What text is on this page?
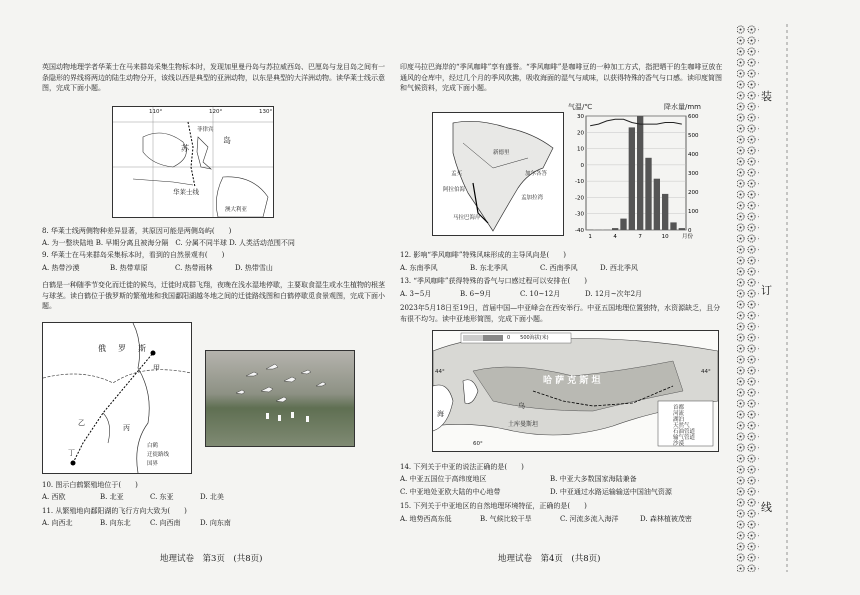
英国动物地理学者华莱士在马来群岛采集生物标本时，发现加里曼丹岛与苏拉威西岛、巴厘岛与龙目岛之间有一条隐形的界线将两边的陆生动物分开，该线以西是典型的亚洲动物，以东是典型的大洋洲动物。读华莱士线示意图，完成下面小题。
110°	120°	130°
岛
苏
华莱士线
澳大利亚
菲律宾
8. 华莱士线两侧物种差异显著，其原因可能是两侧岛屿(　　)
A. 为一整块陆地 B. 早期分离且被海分隔　C. 分属不同半球 D. 人类活动范围不同
9. 华莱士在马来群岛采集标本时，看到的自然景观有(　　)
A. 热带沙漠	B. 热带草原	C. 热带雨林	D. 热带雪山
白鹤是一种随季节变化而迁徙的候鸟，迁徙时成群飞翔，夜晚在浅水湿地停歇，主要取食湿生或水生植物的根茎与球茎。读白鹤位于俄罗斯的繁殖地和我国鄱阳湖越冬地之间的迁徙路线图和白鹤停歇觅食景观图，完成下面小题。
俄 罗 斯
甲
乙
丙
丁
白鹤
迁徙路线
国界
10. 图示白鹤繁殖地位于(　　)
A. 西欧	B. 北亚	C. 东亚	D. 北美
11. 从繁殖地向鄱阳湖的飞行方向大致为(　　)
A. 向西北	B. 向东北	C. 向西南	D. 向东南
地理试卷　第3页　(共8页)
印度马拉巴海岸的“季风咖啡”享有盛誉。“季风咖啡”是咖啡豆的一种加工方式，指把晒干的生咖啡豆放在通风的仓库中，经过几个月的季风吹拂，吸收海面的湿气与咸味，以获得特殊的香气与口感。读印度简图和气候资料，完成下面小题。
新德里
阿拉伯海
孟加拉湾
孟买	加尔各答
马拉巴海岸
气温/℃	降水量/mm
30
20
10
0
-10
-20
-30
-40
600
500
400
300
200
100
0
1	4	7	10 月份
12. 影响“季风咖啡”特殊风味形成的主导风向是(　　)
A. 东南季风	B. 东北季风	C. 西南季风	D. 西北季风
13. “季风咖啡”获得特殊的香气与口感过程可以安排在(　　)
A. 3~5月	B. 6~9月	C. 10~12月	D. 12月~次年2月
2023年5月18日至19日，首届中国—中亚峰会在西安举行。中亚五国地理位置独特，水资源缺乏，且分布很不均匀。读中亚地形简图，完成下面小题。
0　　500海拔(米)
哈 萨 克 斯 坦
乌
土库曼斯坦
44°	44°
60°
海
首都
河流
湖泊
天然气
石油管道
输气管道
沙漠
14. 下列关于中亚的说法正确的是(　　)
A. 中亚五国位于高纬度地区	B. 中亚大多数国家海陆兼备
C. 中亚地处亚欧大陆的中心地带	D. 中亚通过水路运输输送中国油气资源
15. 下列关于中亚地区的自然地理环境特征，正确的是(　　)
A. 地势西高东低	B. 气候比较干旱	C. 河流多流入海洋	D. 森林植被茂密
地理试卷　第4页　(共8页)
装
订
线
